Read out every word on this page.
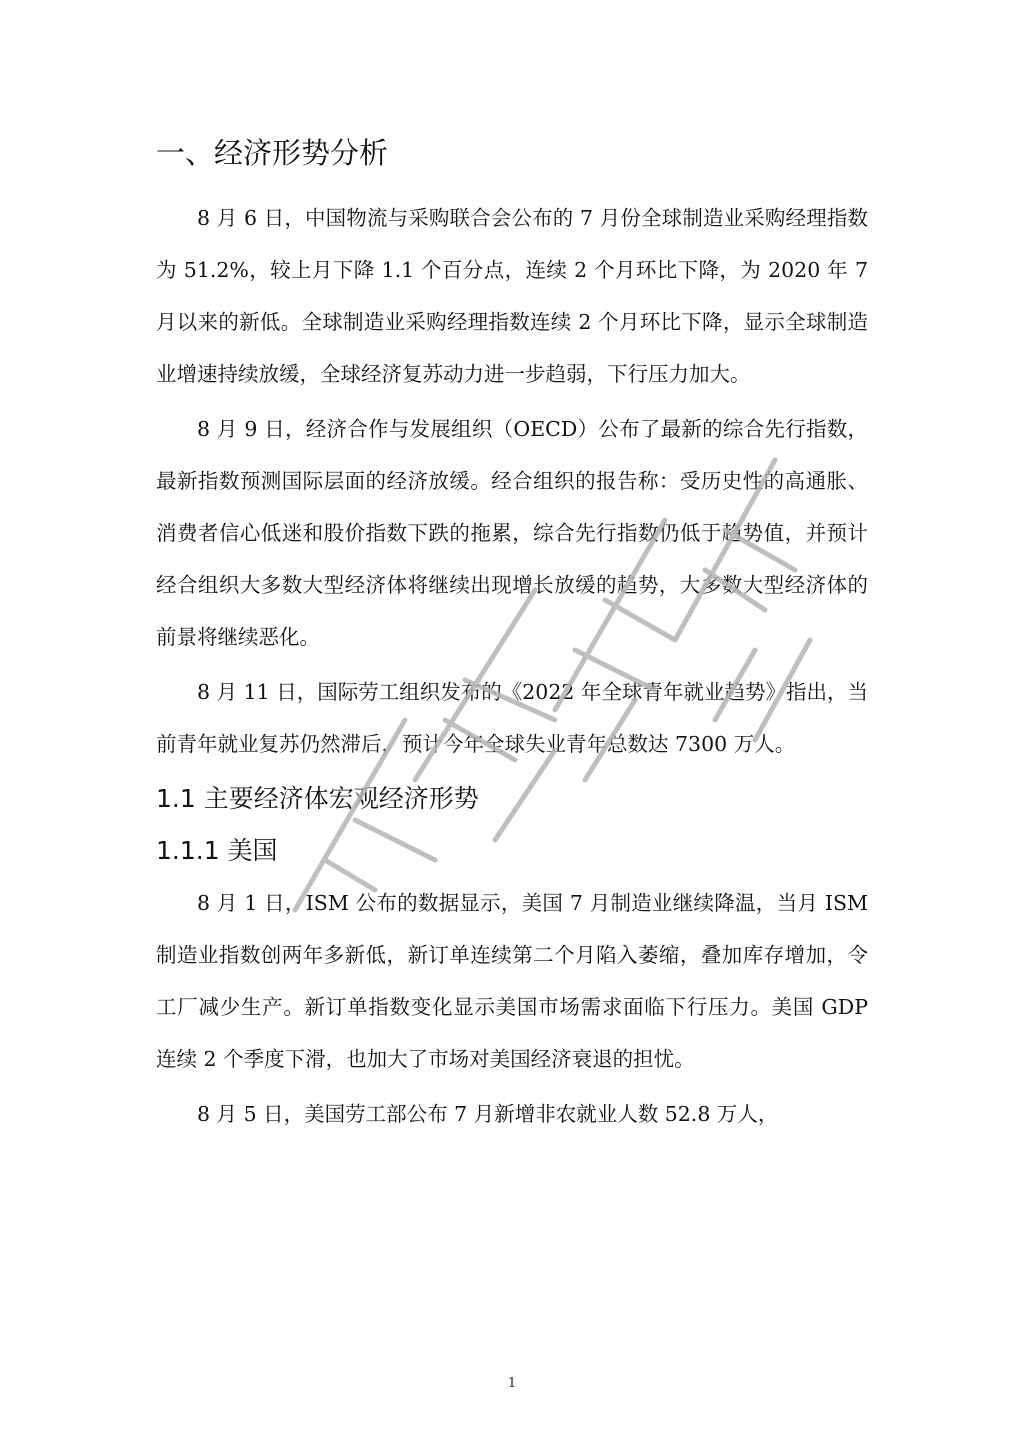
一、经济形势分析

8 月 6 日，中国物流与采购联合会公布的 7 月份全球制造业采购经理指数为 51.2%，较上月下降 1.1 个百分点，连续 2 个月环比下降，为 2020 年 7 月以来的新低。全球制造业采购经理指数连续 2 个月环比下降，显示全球制造业增速持续放缓，全球经济复苏动力进一步趋弱，下行压力加大。

8 月 9 日，经济合作与发展组织（OECD）公布了最新的综合先行指数，最新指数预测国际层面的经济放缓。经合组织的报告称：受历史性的高通胀、消费者信心低迷和股价指数下跌的拖累，综合先行指数仍低于趋势值，并预计经合组织大多数大型经济体将继续出现增长放缓的趋势，大多数大型经济体的前景将继续恶化。

8 月 11 日，国际劳工组织发布的《2022 年全球青年就业趋势》指出，当前青年就业复苏仍然滞后，预计今年全球失业青年总数达 7300 万人。

1.1 主要经济体宏观经济形势
1.1.1 美国

8 月 1 日，ISM 公布的数据显示，美国 7 月制造业继续降温，当月 ISM 制造业指数创两年多新低，新订单连续第二个月陷入萎缩，叠加库存增加，令工厂减少生产。新订单指数变化显示美国市场需求面临下行压力。美国 GDP 连续 2 个季度下滑，也加大了市场对美国经济衰退的担忧。

8 月 5 日，美国劳工部公布 7 月新增非农就业人数 52.8 万人，

1
